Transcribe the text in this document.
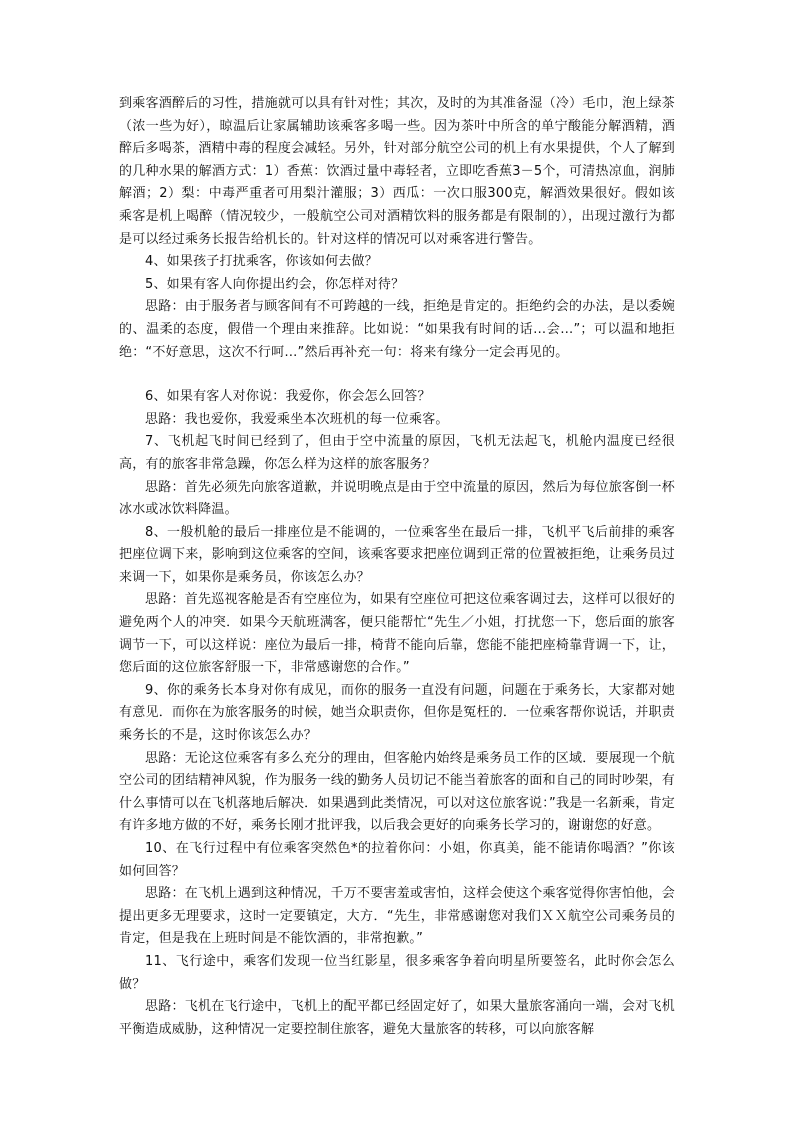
到乘客酒醉后的习性，措施就可以具有针对性；其次，及时的为其准备湿（冷）毛巾，泡上绿茶（浓一些为好），晾温后让家属辅助该乘客多喝一些。因为茶叶中所含的单宁酸能分解酒精，酒醉后多喝茶，酒精中毒的程度会减轻。另外，针对部分航空公司的机上有水果提供，个人了解到的几种水果的解酒方式：1）香蕉：饮酒过量中毒轻者，立即吃香蕉3－5个，可清热凉血，润肺解酒；2）梨：中毒严重者可用梨汁灌服；3）西瓜：一次口服300克，解酒效果很好。假如该乘客是机上喝醉（情况较少，一般航空公司对酒精饮料的服务都是有限制的），出现过激行为都是可以经过乘务长报告给机长的。针对这样的情况可以对乘客进行警告。

4、如果孩子打扰乘客，你该如何去做？

5、如果有客人向你提出约会，你怎样对待？

思路：由于服务者与顾客间有不可跨越的一线，拒绝是肯定的。拒绝约会的办法，是以委婉的、温柔的态度，假借一个理由来推辞。比如说：“如果我有时间的话…会…”；可以温和地拒绝：“不好意思，这次不行呵…”然后再补充一句：将来有缘分一定会再见的。

6、如果有客人对你说：我爱你，你会怎么回答？

思路：我也爱你，我爱乘坐本次班机的每一位乘客。

7、飞机起飞时间已经到了，但由于空中流量的原因，飞机无法起飞，机舱内温度已经很高，有的旅客非常急躁，你怎么样为这样的旅客服务？

思路：首先必须先向旅客道歉，并说明晚点是由于空中流量的原因，然后为每位旅客倒一杯冰水或冰饮料降温。

8、一般机舱的最后一排座位是不能调的，一位乘客坐在最后一排，飞机平飞后前排的乘客把座位调下来，影响到这位乘客的空间，该乘客要求把座位调到正常的位置被拒绝，让乘务员过来调一下，如果你是乘务员，你该怎么办？

思路：首先巡视客舱是否有空座位为，如果有空座位可把这位乘客调过去，这样可以很好的避免两个人的冲突．如果今天航班满客，便只能帮忙“先生／小姐，打扰您一下，您后面的旅客调节一下，可以这样说：座位为最后一排，椅背不能向后靠，您能不能把座椅靠背调一下，让，您后面的这位旅客舒服一下，非常感谢您的合作。”

9、你的乘务长本身对你有成见，而你的服务一直没有问题，问题在于乘务长，大家都对她有意见．而你在为旅客服务的时候，她当众职责你，但你是冤枉的．一位乘客帮你说话，并职责乘务长的不是，这时你该怎么办？

思路：无论这位乘客有多么充分的理由，但客舱内始终是乘务员工作的区域．要展现一个航空公司的团结精神风貌，作为服务一线的勤务人员切记不能当着旅客的面和自己的同时吵架，有什么事情可以在飞机落地后解决．如果遇到此类情况，可以对这位旅客说：”我是一名新乘，肯定有许多地方做的不好，乘务长刚才批评我，以后我会更好的向乘务长学习的，谢谢您的好意。

10、在飞行过程中有位乘客突然色*的拉着你问：小姐，你真美，能不能请你喝酒？”你该如何回答？

思路：在飞机上遇到这种情况，千万不要害羞或害怕，这样会使这个乘客觉得你害怕他，会提出更多无理要求，这时一定要镇定，大方．“先生，非常感谢您对我们ＸＸ航空公司乘务员的肯定，但是我在上班时间是不能饮酒的，非常抱歉。”

11、飞行途中，乘客们发现一位当红影星，很多乘客争着向明星所要签名，此时你会怎么做？

思路：飞机在飞行途中，飞机上的配平都已经固定好了，如果大量旅客涌向一端，会对飞机平衡造成威胁，这种情况一定要控制住旅客，避免大量旅客的转移，可以向旅客解
